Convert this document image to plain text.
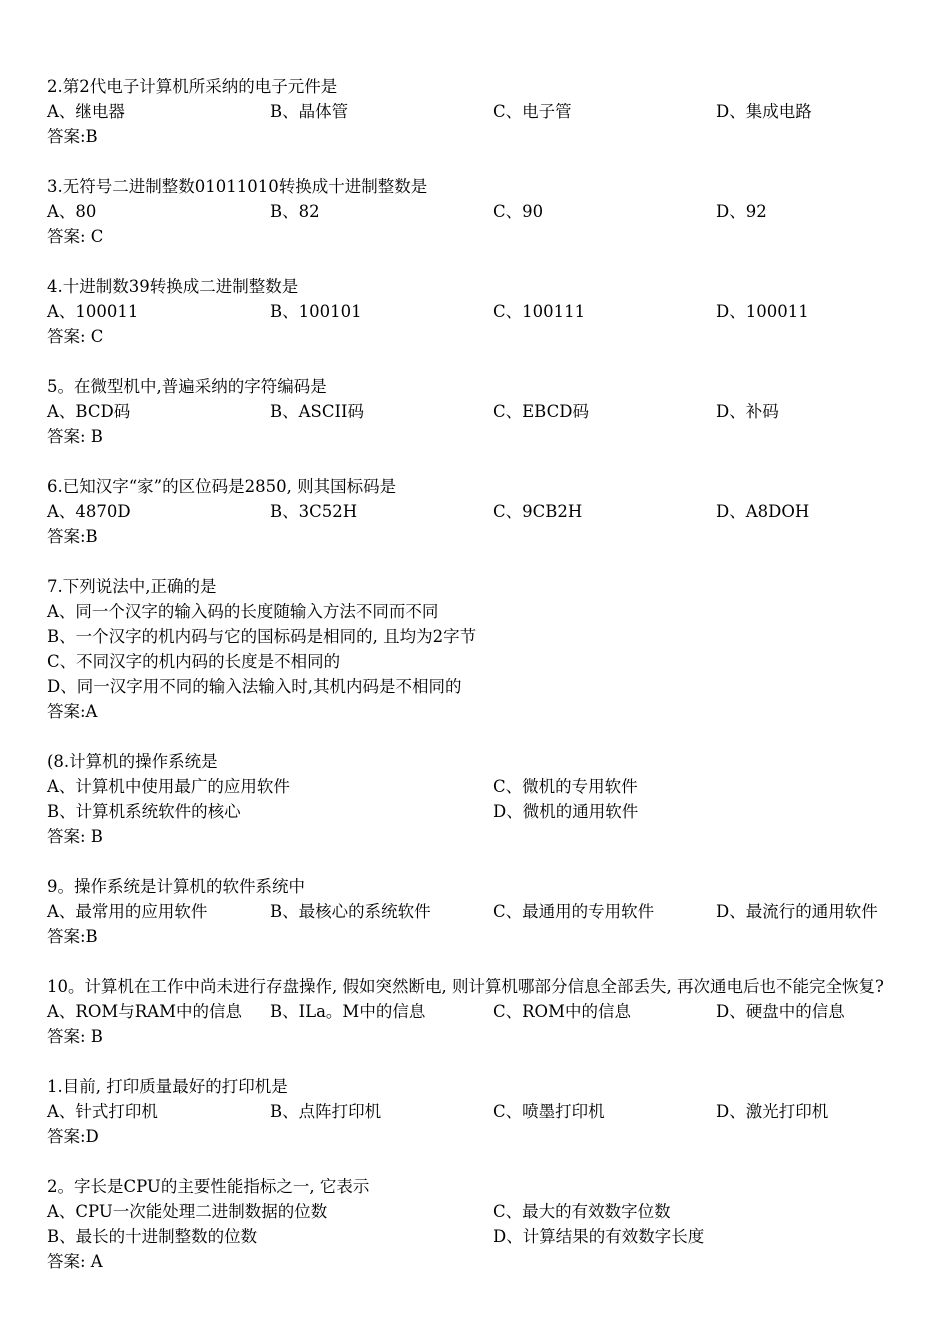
2.第2代电子计算机所采纳的电子元件是
A、继电器	B、晶体管	C、电子管	D、集成电路
答案:B
3.无符号二进制整数01011010转换成十进制整数是
A、80	B、82	C、90	D、92
答案: C
4.十进制数39转换成二进制整数是
A、100011	B、100101	C、100111	D、100011
答案: C
5。在微型机中,普遍采纳的字符编码是
A、BCD码	B、ASCII码	C、EBCD码	D、补码
答案: B
6.已知汉字“家”的区位码是2850, 则其国标码是
A、4870D	B、3C52H	C、9CB2H	D、A8DOH
答案:B
7.下列说法中,正确的是
A、同一个汉字的输入码的长度随输入方法不同而不同
B、一个汉字的机内码与它的国标码是相同的, 且均为2字节
C、不同汉字的机内码的长度是不相同的
D、同一汉字用不同的输入法输入时,其机内码是不相同的
答案:A
(8.计算机的操作系统是
A、计算机中使用最广的应用软件	C、微机的专用软件
B、计算机系统软件的核心	D、微机的通用软件
答案: B
9。操作系统是计算机的软件系统中
A、最常用的应用软件	B、最核心的系统软件	C、最通用的专用软件	D、最流行的通用软件
答案:B
10。计算机在工作中尚未进行存盘操作, 假如突然断电, 则计算机哪部分信息全部丢失, 再次通电后也不能完全恢复?
A、ROM与RAM中的信息	B、ILa。M中的信息	C、ROM中的信息	D、硬盘中的信息
答案: B
1.目前, 打印质量最好的打印机是
A、针式打印机	B、点阵打印机	C、喷墨打印机	D、激光打印机
答案:D
2。字长是CPU的主要性能指标之一, 它表示
A、CPU一次能处理二进制数据的位数	C、最大的有效数字位数
B、最长的十进制整数的位数	D、计算结果的有效数字长度
答案: A
